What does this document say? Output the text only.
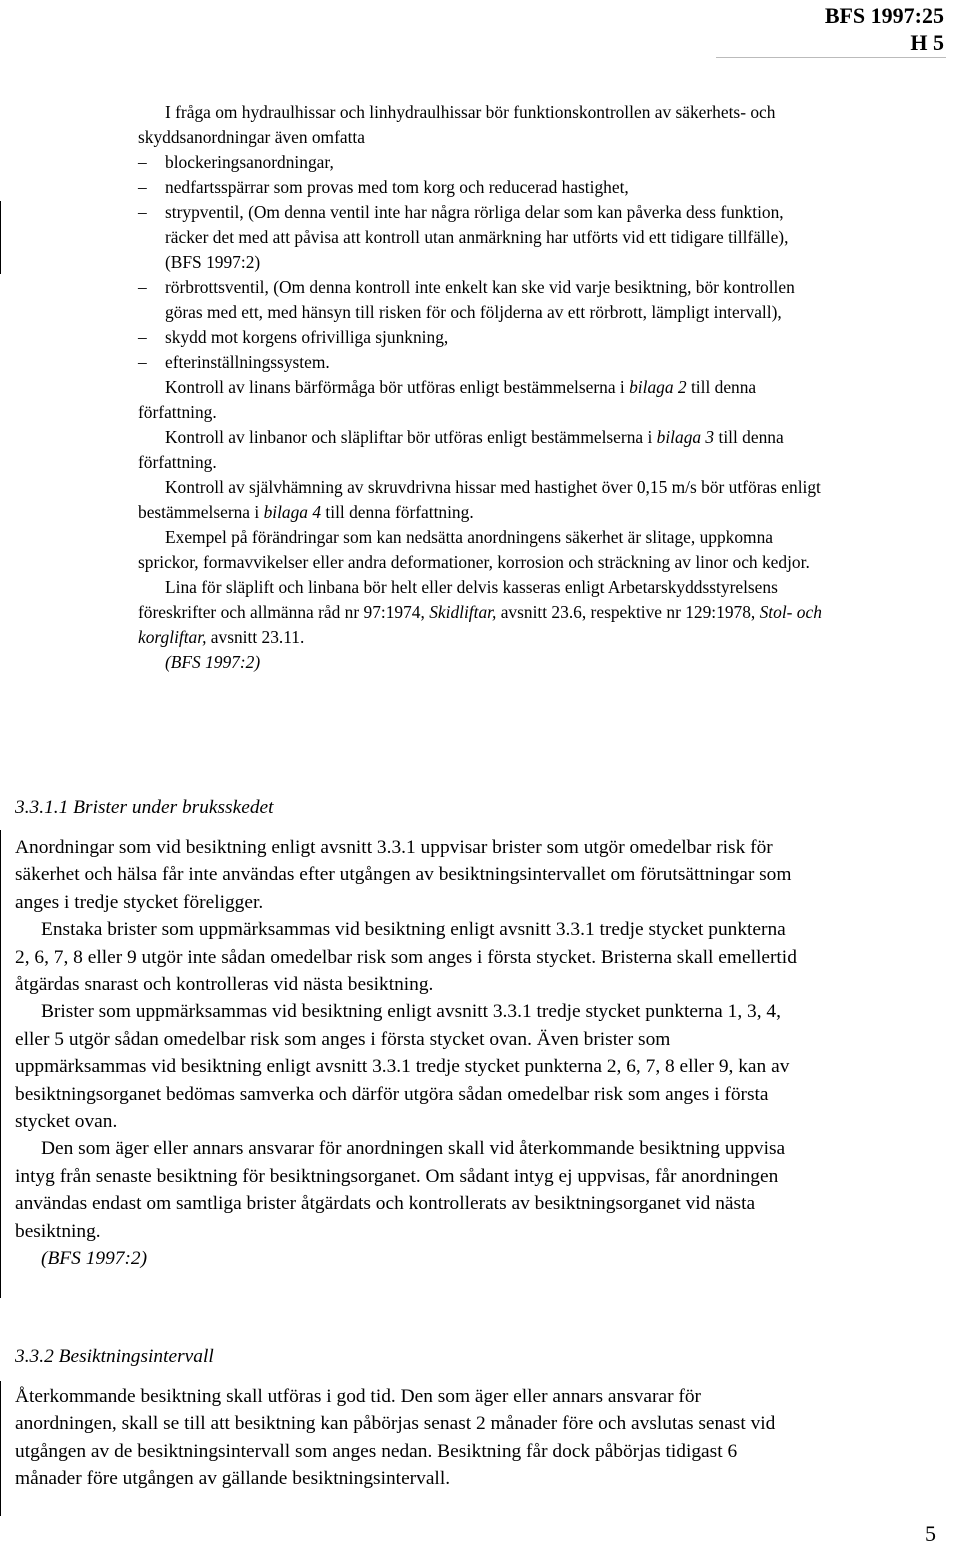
BFS 1997:25
H 5

I fråga om hydraulhissar och linhydraulhissar bör funktionskontrollen av säkerhets- och skyddsanordningar även omfatta

– blockeringsanordningar,

– nedfartsspärrar som provas med tom korg och reducerad hastighet,

– strypventil, (Om denna ventil inte har några rörliga delar som kan påverka dess funktion, räcker det med att påvisa att kontroll utan anmärkning har utförts vid ett tidigare tillfälle), (BFS 1997:2)

– rörbrottsventil, (Om denna kontroll inte enkelt kan ske vid varje besiktning, bör kontrollen göras med ett, med hänsyn till risken för och följderna av ett rörbrott, lämpligt intervall),

– skydd mot korgens ofrivilliga sjunkning,

– efterinställningssystem.

Kontroll av linans bärförmåga bör utföras enligt bestämmelserna i bilaga 2 till denna författning.

Kontroll av linbanor och släpliftar bör utföras enligt bestämmelserna i bilaga 3 till denna författning.

Kontroll av självhämning av skruvdrivna hissar med hastighet över 0,15 m/s bör utföras enligt bestämmelserna i bilaga 4 till denna författning.

Exempel på förändringar som kan nedsätta anordningens säkerhet är slitage, uppkomna sprickor, formavvikelser eller andra deformationer, korrosion och sträckning av linor och kedjor.

Lina för släplift och linbana bör helt eller delvis kasseras enligt Arbetarskyddsstyrelsens föreskrifter och allmänna råd nr 97:1974, Skidliftar, avsnitt 23.6, respektive nr 129:1978, Stol- och korgliftar, avsnitt 23.11.

(BFS 1997:2)

3.3.1.1 Brister under bruksskedet

Anordningar som vid besiktning enligt avsnitt 3.3.1 uppvisar brister som utgör omedelbar risk för säkerhet och hälsa får inte användas efter utgången av besiktningsintervallet om förutsättningar som anges i tredje stycket föreligger.

Enstaka brister som uppmärksammas vid besiktning enligt avsnitt 3.3.1 tredje stycket punkterna 2, 6, 7, 8 eller 9 utgör inte sådan omedelbar risk som anges i första stycket. Bristerna skall emellertid åtgärdas snarast och kontrolleras vid nästa besiktning.

Brister som uppmärksammas vid besiktning enligt avsnitt 3.3.1 tredje stycket punkterna 1, 3, 4, eller 5 utgör sådan omedelbar risk som anges i första stycket ovan. Även brister som uppmärksammas vid besiktning enligt avsnitt 3.3.1 tredje stycket punkterna 2, 6, 7, 8 eller 9, kan av besiktningsorganet bedömas samverka och därför utgöra sådan omedelbar risk som anges i första stycket ovan.

Den som äger eller annars ansvarar för anordningen skall vid återkommande besiktning uppvisa intyg från senaste besiktning för besiktningsorganet. Om sådant intyg ej uppvisas, får anordningen användas endast om samtliga brister åtgärdats och kontrollerats av besiktningsorganet vid nästa besiktning.

(BFS 1997:2)

3.3.2 Besiktningsintervall

Återkommande besiktning skall utföras i god tid. Den som äger eller annars ansvarar för anordningen, skall se till att besiktning kan påbörjas senast 2 månader före och avslutas senast vid utgången av de besiktningsintervall som anges nedan. Besiktning får dock påbörjas tidigast 6 månader före utgången av gällande besiktningsintervall.

5
